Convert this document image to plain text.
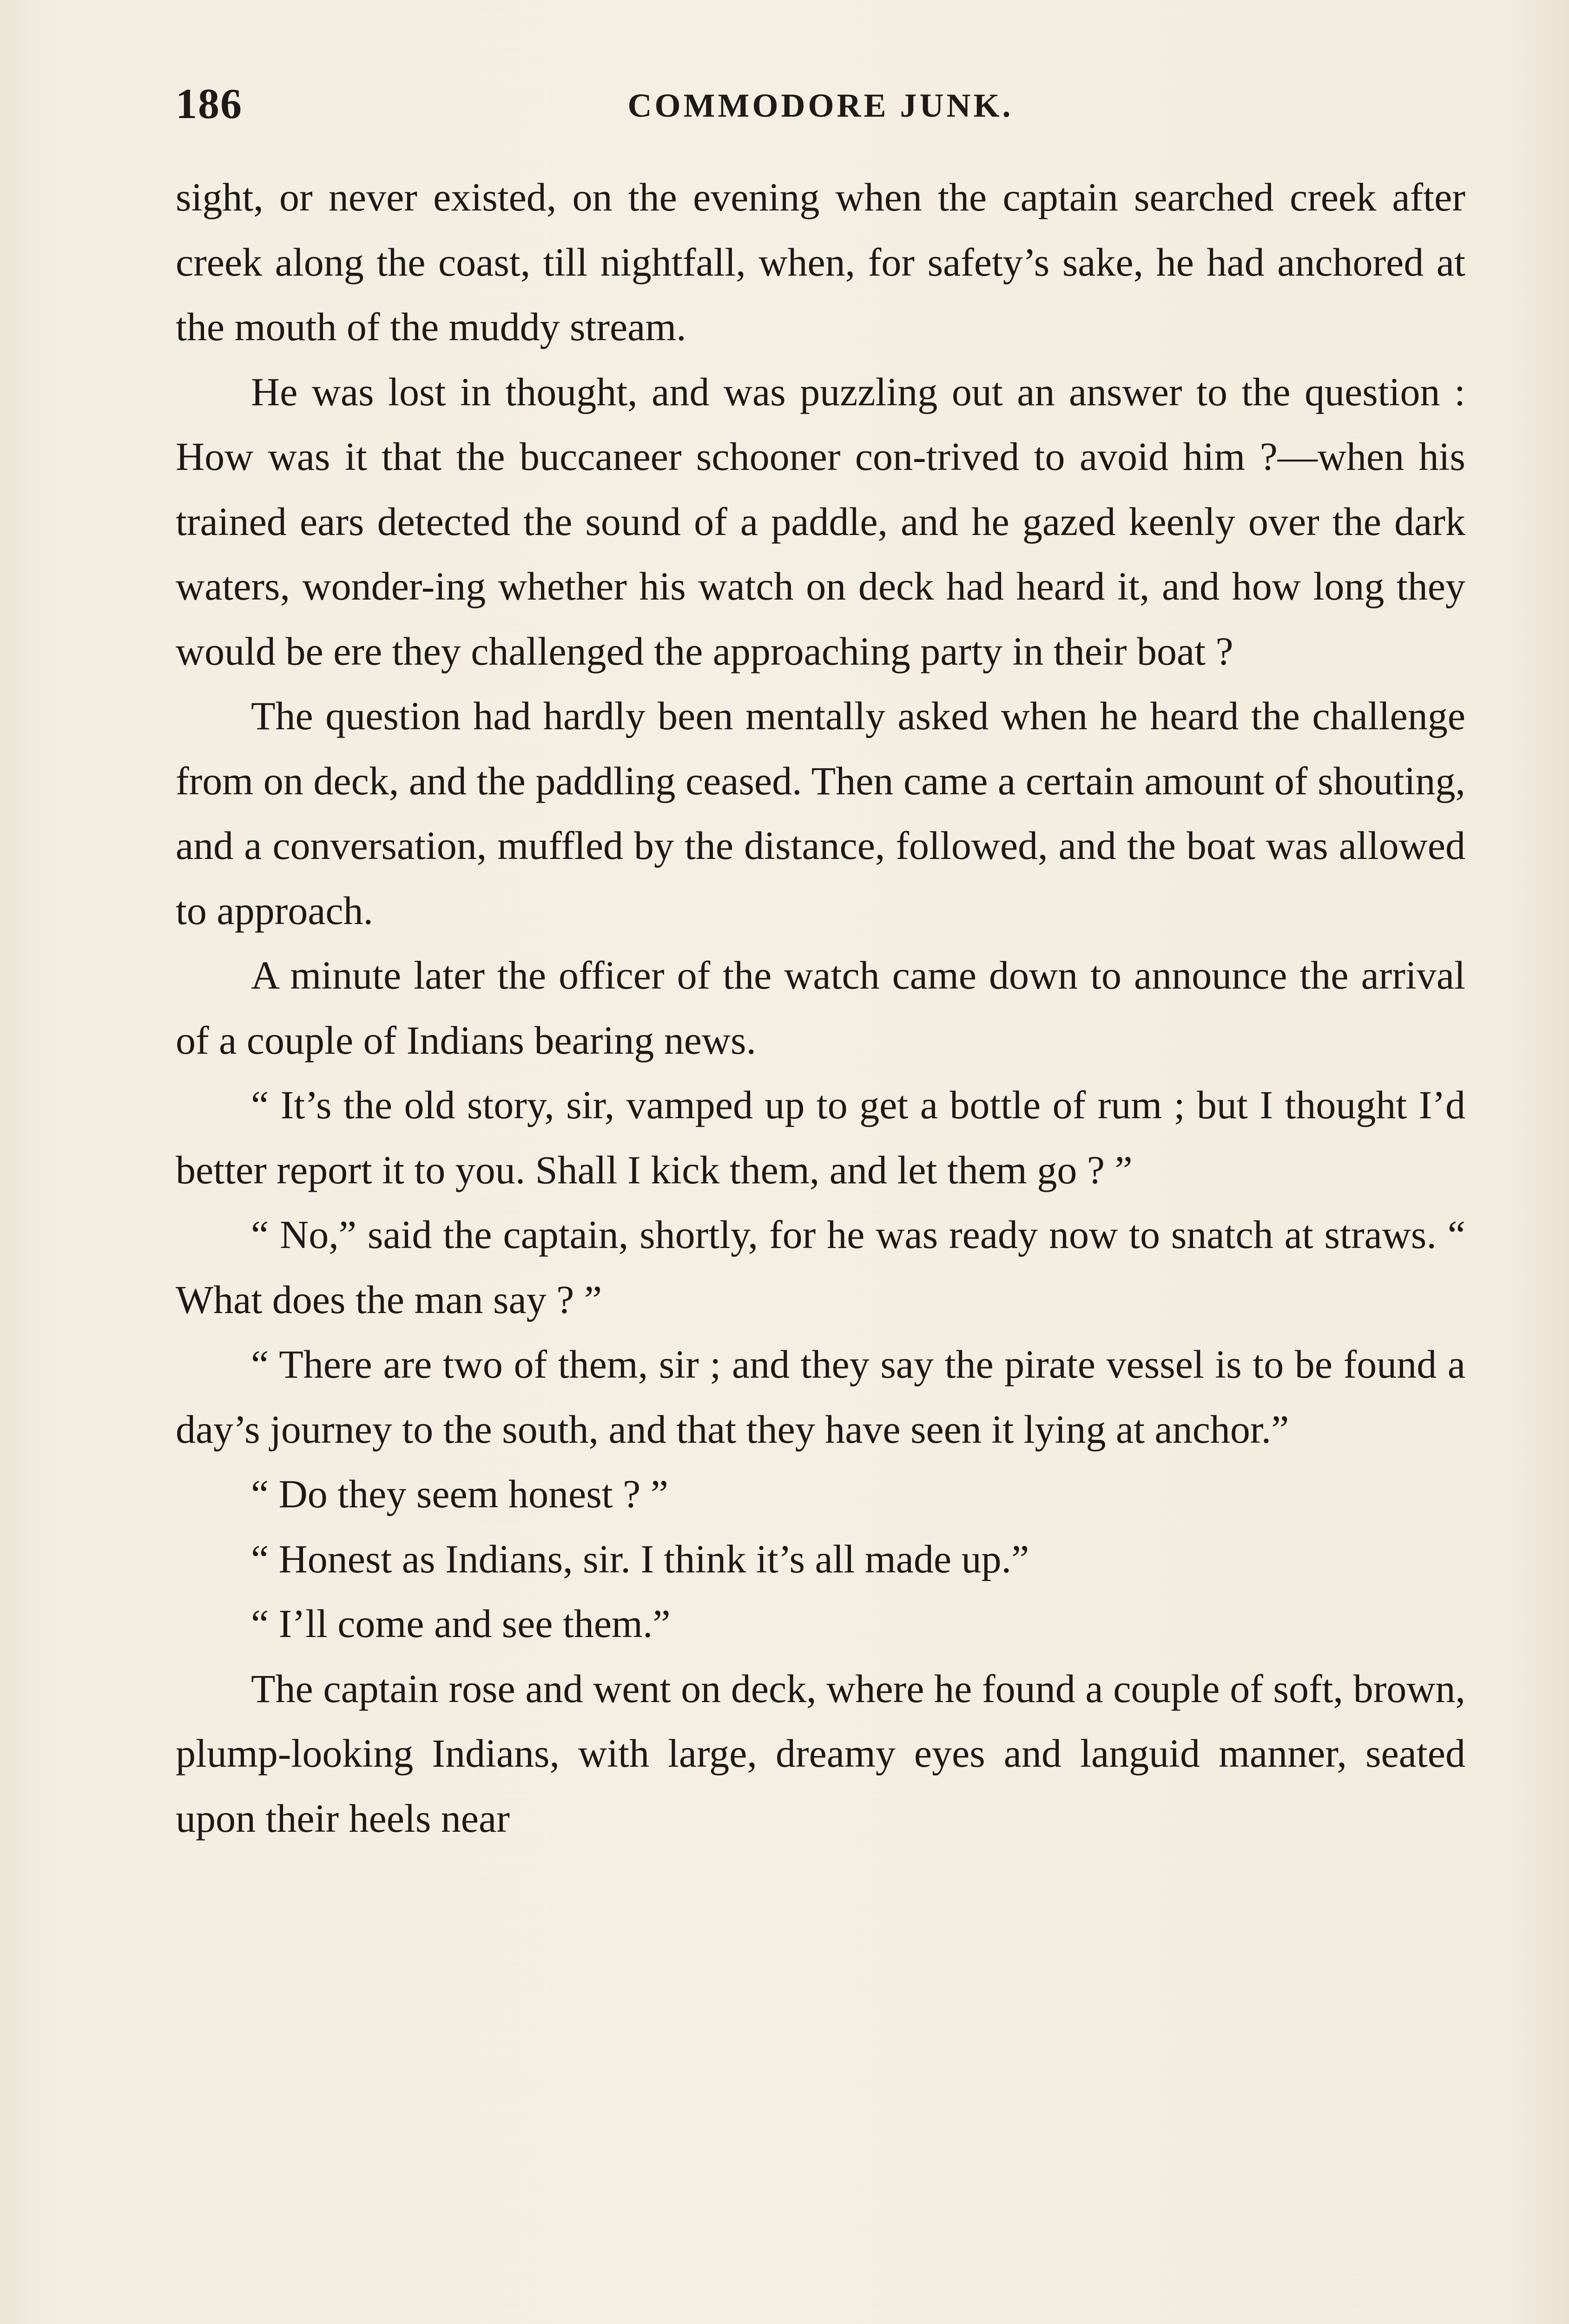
186	COMMODORE JUNK.

sight, or never existed, on the evening when the captain searched creek after creek along the coast, till nightfall, when, for safety’s sake, he had anchored at the mouth of the muddy stream.

He was lost in thought, and was puzzling out an answer to the question : How was it that the buccaneer schooner con-trived to avoid him ?—when his trained ears detected the sound of a paddle, and he gazed keenly over the dark waters, wonder-ing whether his watch on deck had heard it, and how long they would be ere they challenged the approaching party in their boat ?

The question had hardly been mentally asked when he heard the challenge from on deck, and the paddling ceased. Then came a certain amount of shouting, and a conversation, muffled by the distance, followed, and the boat was allowed to approach.

A minute later the officer of the watch came down to announce the arrival of a couple of Indians bearing news.

“ It’s the old story, sir, vamped up to get a bottle of rum ; but I thought I’d better report it to you. Shall I kick them, and let them go ? ”

“ No,” said the captain, shortly, for he was ready now to snatch at straws. “ What does the man say ? ”

“ There are two of them, sir ; and they say the pirate vessel is to be found a day’s journey to the south, and that they have seen it lying at anchor.”

“ Do they seem honest ? ”

“ Honest as Indians, sir. I think it’s all made up.”

“ I’ll come and see them.”

The captain rose and went on deck, where he found a couple of soft, brown, plump-looking Indians, with large, dreamy eyes and languid manner, seated upon their heels near
